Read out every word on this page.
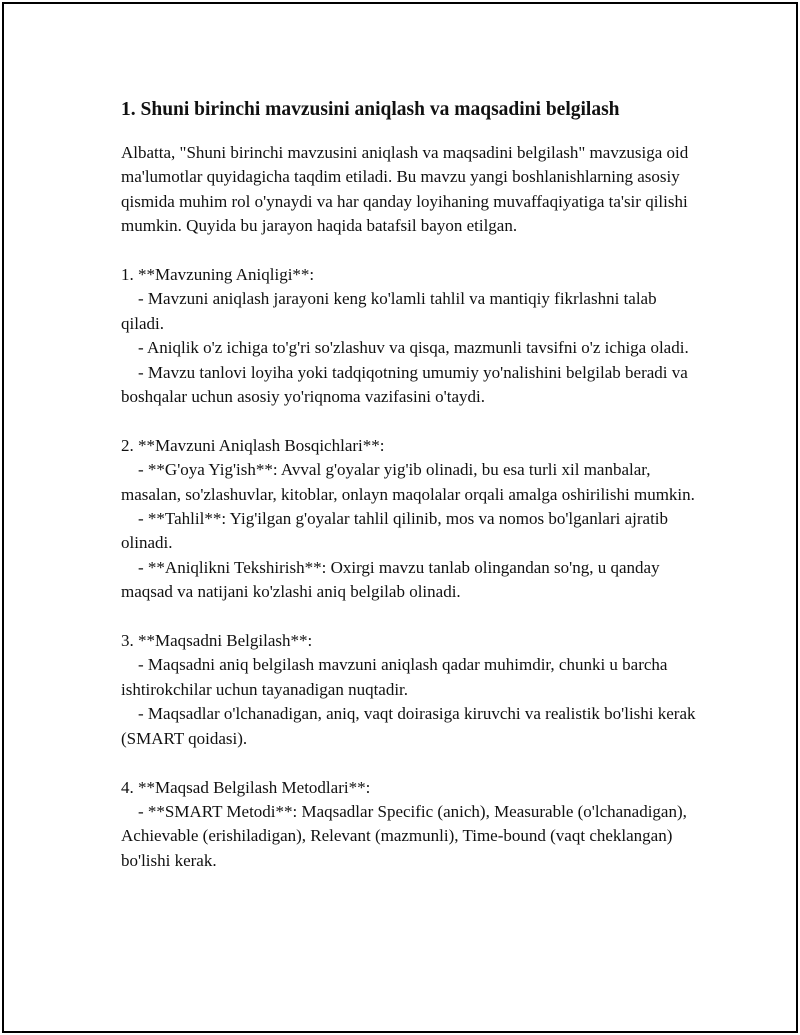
1. Shuni birinchi mavzusini aniqlash va maqsadini belgilash

Albatta, "Shuni birinchi mavzusini aniqlash va maqsadini belgilash" mavzusiga oid ma'lumotlar quyidagicha taqdim etiladi. Bu mavzu yangi boshlanishlarning asosiy qismida muhim rol o'ynaydi va har qanday loyihaning muvaffaqiyatiga ta'sir qilishi mumkin. Quyida bu jarayon haqida batafsil bayon etilgan.

1. **Mavzuning Aniqligi**:

- Mavzuni aniqlash jarayoni keng ko'lamli tahlil va mantiqiy fikrlashni talab qiladi.

- Aniqlik o'z ichiga to'g'ri so'zlashuv va qisqa, mazmunli tavsifni o'z ichiga oladi.

- Mavzu tanlovi loyiha yoki tadqiqotning umumiy yo'nalishini belgilab beradi va boshqalar uchun asosiy yo'riqnoma vazifasini o'taydi.

2. **Mavzuni Aniqlash Bosqichlari**:

- **G'oya Yig'ish**: Avval g'oyalar yig'ib olinadi, bu esa turli xil manbalar, masalan, so'zlashuvlar, kitoblar, onlayn maqolalar orqali amalga oshirilishi mumkin.

- **Tahlil**: Yig'ilgan g'oyalar tahlil qilinib, mos va nomos bo'lganlari ajratib olinadi.

- **Aniqlikni Tekshirish**: Oxirgi mavzu tanlab olingandan so'ng, u qanday maqsad va natijani ko'zlashi aniq belgilab olinadi.

3. **Maqsadni Belgilash**:

- Maqsadni aniq belgilash mavzuni aniqlash qadar muhimdir, chunki u barcha ishtirokchilar uchun tayanadigan nuqtadir.

- Maqsadlar o'lchanadigan, aniq, vaqt doirasiga kiruvchi va realistik bo'lishi kerak (SMART qoidasi).

4. **Maqsad Belgilash Metodlari**:

- **SMART Metodi**: Maqsadlar Specific (anich), Measurable (o'lchanadigan), Achievable (erishiladigan), Relevant (mazmunli), Time-bound (vaqt cheklangan) bo'lishi kerak.
